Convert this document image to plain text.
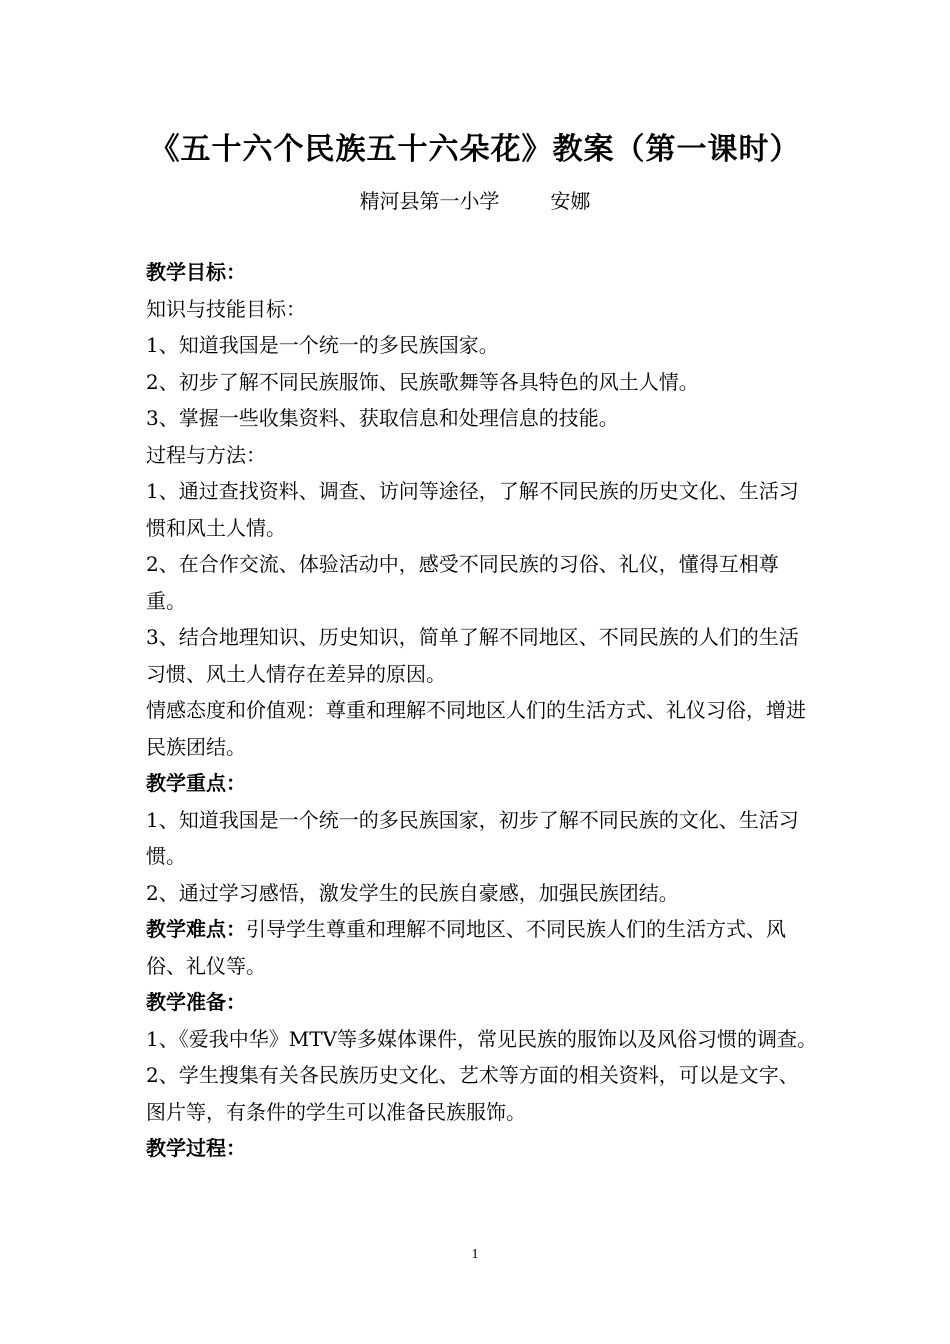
《五十六个民族五十六朵花》教案（第一课时）
精河县第一小学        安娜

教学目标：

知识与技能目标：

1、知道我国是一个统一的多民族国家。

2、初步了解不同民族服饰、民族歌舞等各具特色的风土人情。

3、掌握一些收集资料、获取信息和处理信息的技能。

过程与方法：

1、通过查找资料、调查、访问等途径，了解不同民族的历史文化、生活习惯和风土人情。

2、在合作交流、体验活动中，感受不同民族的习俗、礼仪，懂得互相尊重。

3、结合地理知识、历史知识，简单了解不同地区、不同民族的人们的生活习惯、风土人情存在差异的原因。

情感态度和价值观：尊重和理解不同地区人们的生活方式、礼仪习俗，增进民族团结。

教学重点：

1、知道我国是一个统一的多民族国家，初步了解不同民族的文化、生活习惯。

2、通过学习感悟，激发学生的民族自豪感，加强民族团结。

教学难点：引导学生尊重和理解不同地区、不同民族人们的生活方式、风俗、礼仪等。

教学准备：

1、《爱我中华》MTV等多媒体课件，常见民族的服饰以及风俗习惯的调查。

2、学生搜集有关各民族历史文化、艺术等方面的相关资料，可以是文字、图片等，有条件的学生可以准备民族服饰。

教学过程：

1
